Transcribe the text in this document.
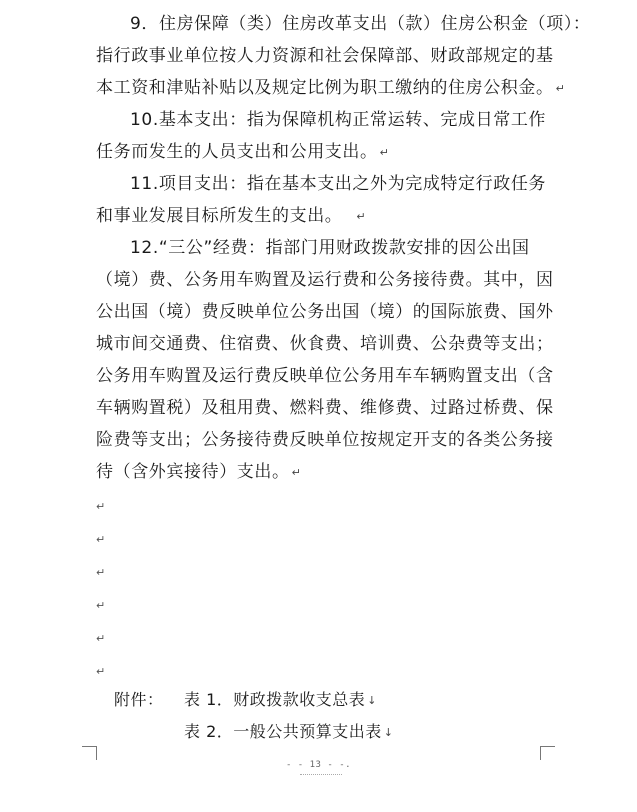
9．住房保障（类）住房改革支出（款）住房公积金（项）：
指行政事业单位按人力资源和社会保障部、财政部规定的基
本工资和津贴补贴以及规定比例为职工缴纳的住房公积金。 ↵
10.基本支出：指为保障机构正常运转、完成日常工作
任务而发生的人员支出和公用支出。 ↵
11.项目支出：指在基本支出之外为完成特定行政任务
和事业发展目标所发生的支出。 ↵
12.“三公”经费：指部门用财政拨款安排的因公出国
（境）费、公务用车购置及运行费和公务接待费。其中，因
公出国（境）费反映单位公务出国（境）的国际旅费、国外
城市间交通费、住宿费、伙食费、培训费、公杂费等支出；
公务用车购置及运行费反映单位公务用车车辆购置支出（含
车辆购置税）及租用费、燃料费、维修费、过路过桥费、保
险费等支出；公务接待费反映单位按规定开支的各类公务接
待（含外宾接待）支出。 ↵
↵
↵
↵
↵
↵
↵
附件： 表 1．财政拨款收支总表 ↓
表 2．一般公共预算支出表 ↓
- - 13 - -.
